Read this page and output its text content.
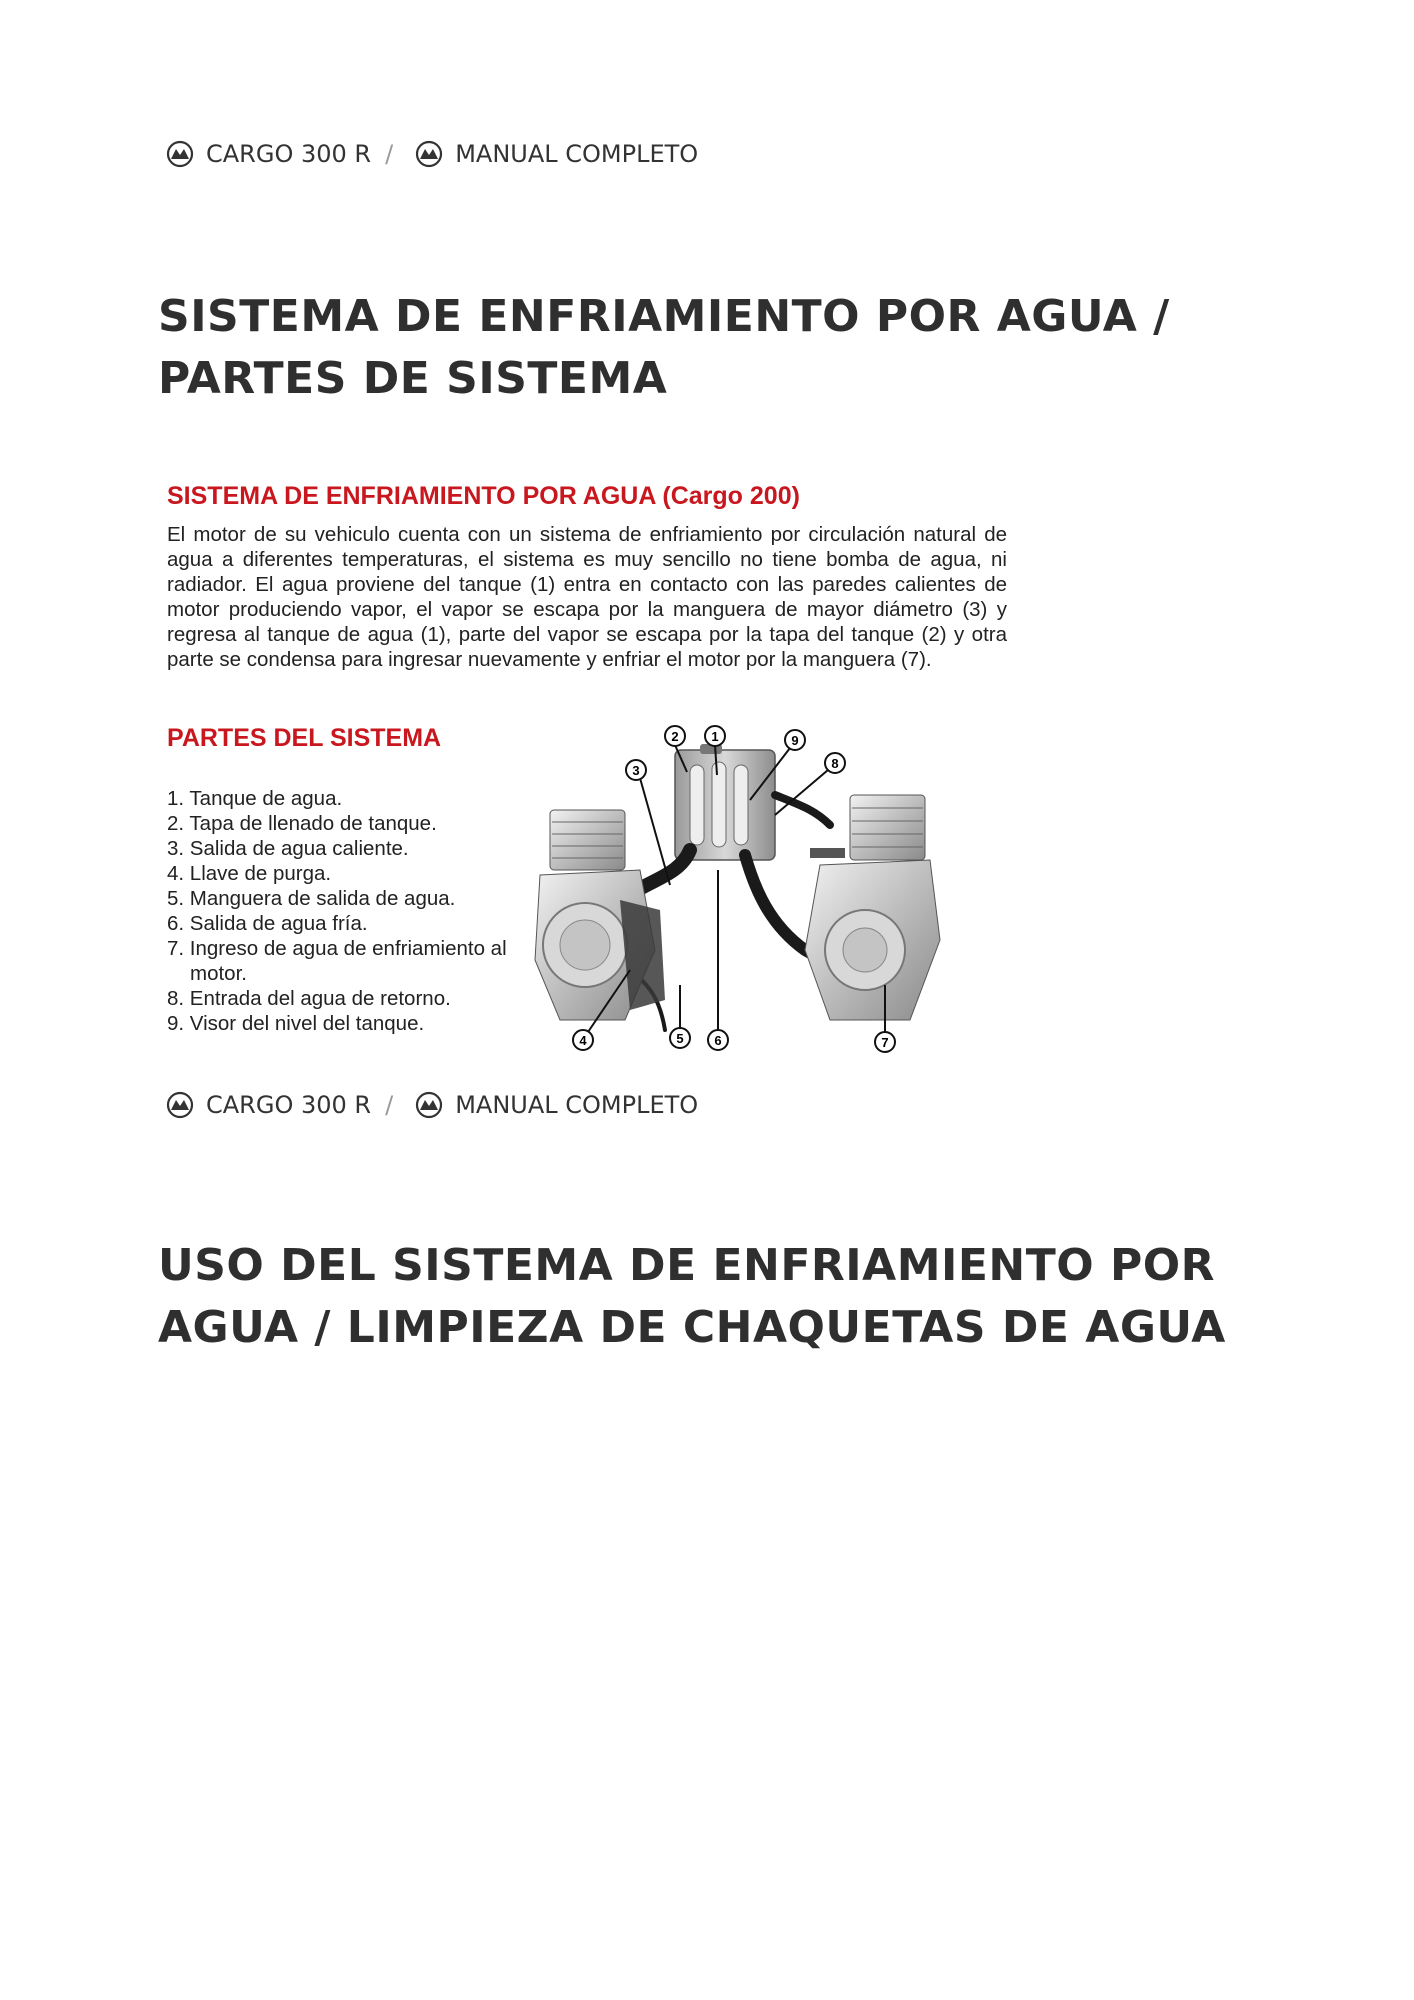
CARGO 300 R /	MANUAL COMPLETO
SISTEMA DE ENFRIAMIENTO POR AGUA / PARTES DE SISTEMA

SISTEMA DE ENFRIAMIENTO POR AGUA (Cargo 200)

El motor de su vehiculo cuenta con un sistema de enfriamiento por circulación natural de agua a diferentes temperaturas, el sistema es muy sencillo no tiene bomba de agua, ni radiador. El agua proviene del tanque (1) entra en contacto con las paredes calientes de motor produciendo vapor, el vapor se escapa por la manguera de mayor diámetro (3) y regresa al tanque de agua (1), parte del vapor se escapa por la tapa del tanque (2) y otra parte se condensa para ingresar nuevamente y enfriar el motor por la manguera (7).

PARTES DEL SISTEMA

1. Tanque de agua.
2. Tapa de llenado de tanque.
3. Salida de agua caliente.
4. Llave de purga.
5. Manguera de salida de agua.
6. Salida de agua fría.
7. Ingreso de agua de enfriamiento al motor.
8. Entrada del agua de retorno.
9. Visor del nivel del tanque.
2	1	9
8
3
4	5 6	7
CARGO 300 R /	MANUAL COMPLETO
USO DEL SISTEMA DE ENFRIAMIENTO POR AGUA / LIMPIEZA DE CHAQUETAS DE AGUA
